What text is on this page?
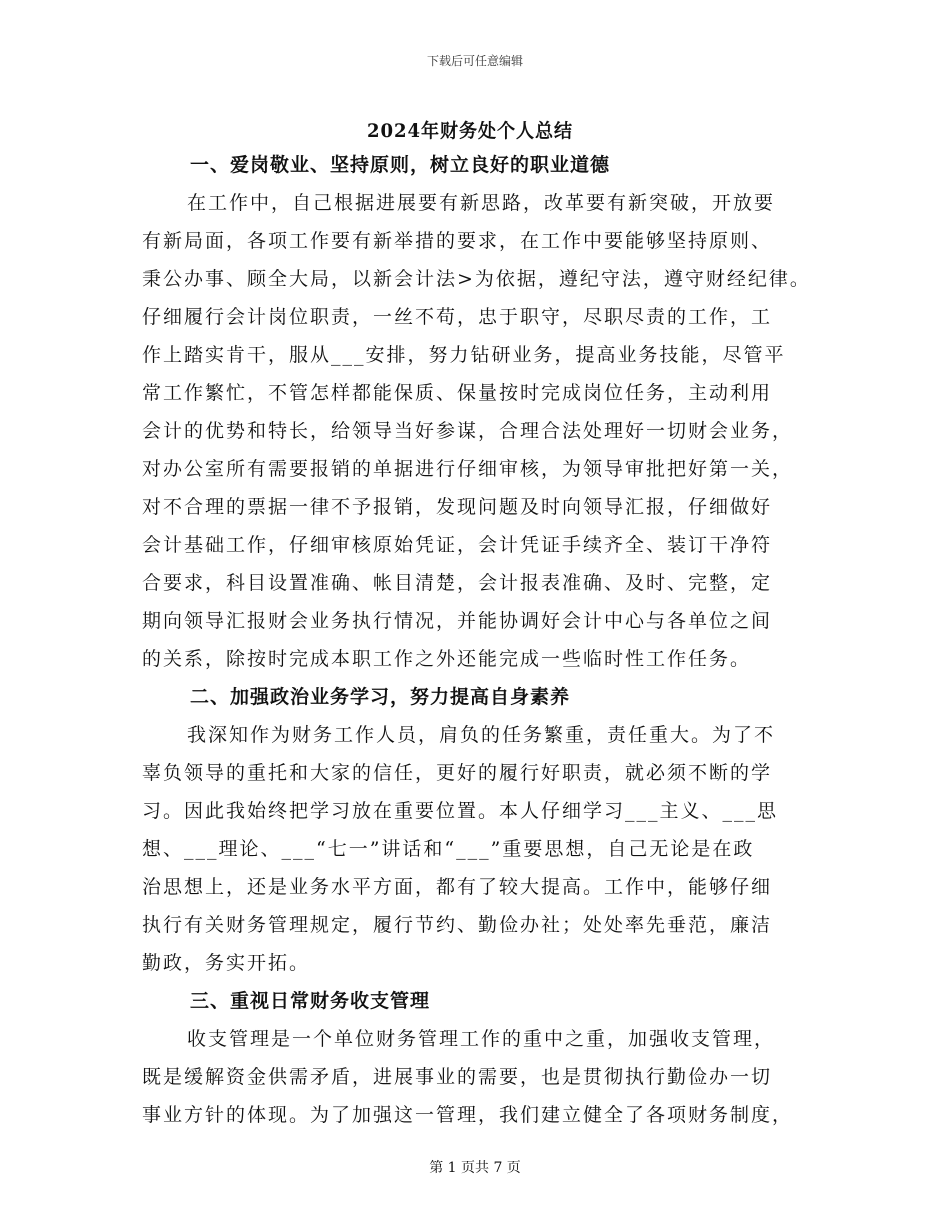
下载后可任意编辑
2024年财务处个人总结
一、爱岗敬业、坚持原则，树立良好的职业道德
在工作中，自己根据进展要有新思路，改革要有新突破，开放要
有新局面，各项工作要有新举措的要求，在工作中要能够坚持原则、
秉公办事、顾全大局，以新会计法>为依据，遵纪守法，遵守财经纪律。
仔细履行会计岗位职责，一丝不苟，忠于职守，尽职尽责的工作，工
作上踏实肯干，服从___安排，努力钻研业务，提高业务技能，尽管平
常工作繁忙，不管怎样都能保质、保量按时完成岗位任务，主动利用
会计的优势和特长，给领导当好参谋，合理合法处理好一切财会业务，
对办公室所有需要报销的单据进行仔细审核，为领导审批把好第一关，
对不合理的票据一律不予报销，发现问题及时向领导汇报，仔细做好
会计基础工作，仔细审核原始凭证，会计凭证手续齐全、装订干净符
合要求，科目设置准确、帐目清楚，会计报表准确、及时、完整，定
期向领导汇报财会业务执行情况，并能协调好会计中心与各单位之间
的关系，除按时完成本职工作之外还能完成一些临时性工作任务。
二、加强政治业务学习，努力提高自身素养
我深知作为财务工作人员，肩负的任务繁重，责任重大。为了不
辜负领导的重托和大家的信任，更好的履行好职责，就必须不断的学
习。因此我始终把学习放在重要位置。本人仔细学习___主义、___思
想、___理论、___“七一”讲话和“___”重要思想，自己无论是在政
治思想上，还是业务水平方面，都有了较大提高。工作中，能够仔细
执行有关财务管理规定，履行节约、勤俭办社；处处率先垂范，廉洁
勤政，务实开拓。
三、重视日常财务收支管理
收支管理是一个单位财务管理工作的重中之重，加强收支管理，
既是缓解资金供需矛盾，进展事业的需要，也是贯彻执行勤俭办一切
事业方针的体现。为了加强这一管理，我们建立健全了各项财务制度，
第 1 页共 7 页
